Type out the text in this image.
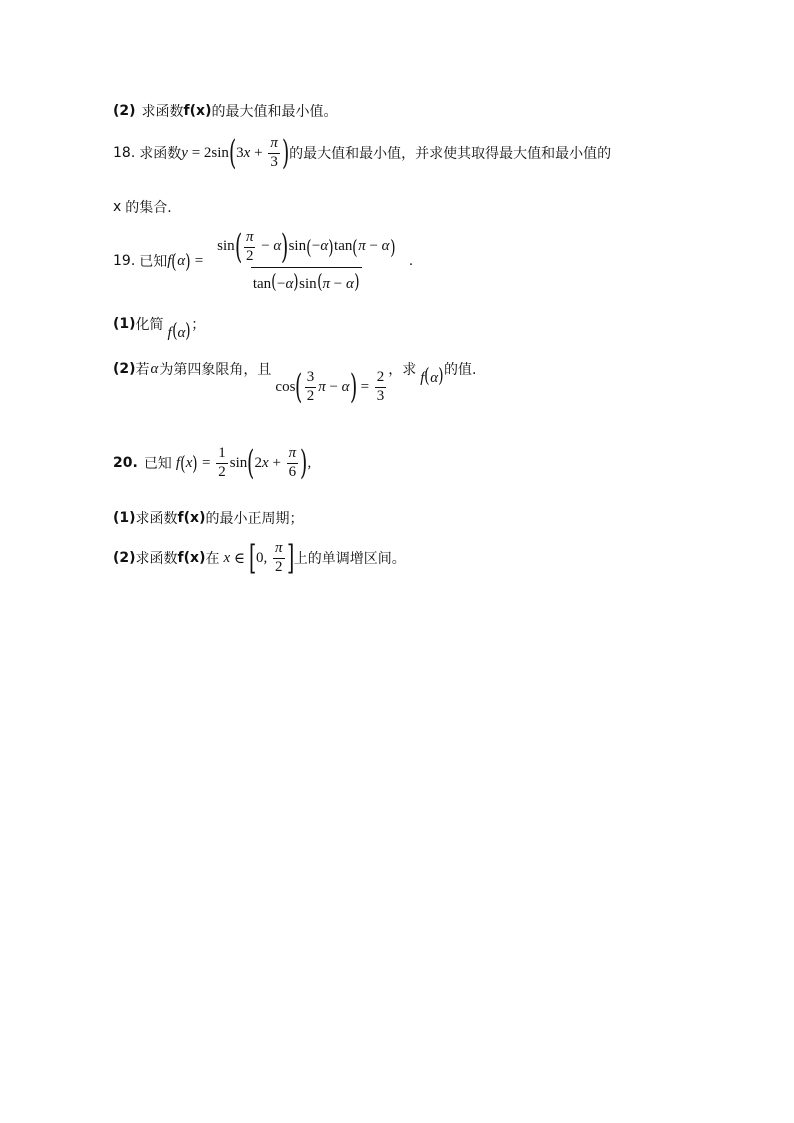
(2) 求函数 f(x) 的最大值和最小值。
18. 求函数 y = 2sin ( 3 $x + \frac{\pi}{3}$ ) 的最大值和最小值，并求使其取得最大值和最小值的
x 的集合.
19. 已知 f ( α ) = $\frac{\sin ( \frac{\pi}{2} - \alpha ) \sin ( - \alpha ) \tan ( \pi - \alpha )}{\tan(-\alpha)\sin(\pi - \alpha)}$ .
(1) 化简 f(α) ；
(2) 若 α 为第四象限角，且
cos ( $\frac{3}{2}$ π − α ) = $\frac{2}{3}$ ，求 f(α) 的值.
20. 已知 f ( x ) = $\frac{1}{2}$ sin ( 2 $x + \frac{\pi}{6}$ ) ,
(1) 求函数 f(x) 的最小正周期；
(2) 求函数 f(x) 在 x ∈ [ 0, $\frac{\pi}{2}$ ] 上的单调增区间。
